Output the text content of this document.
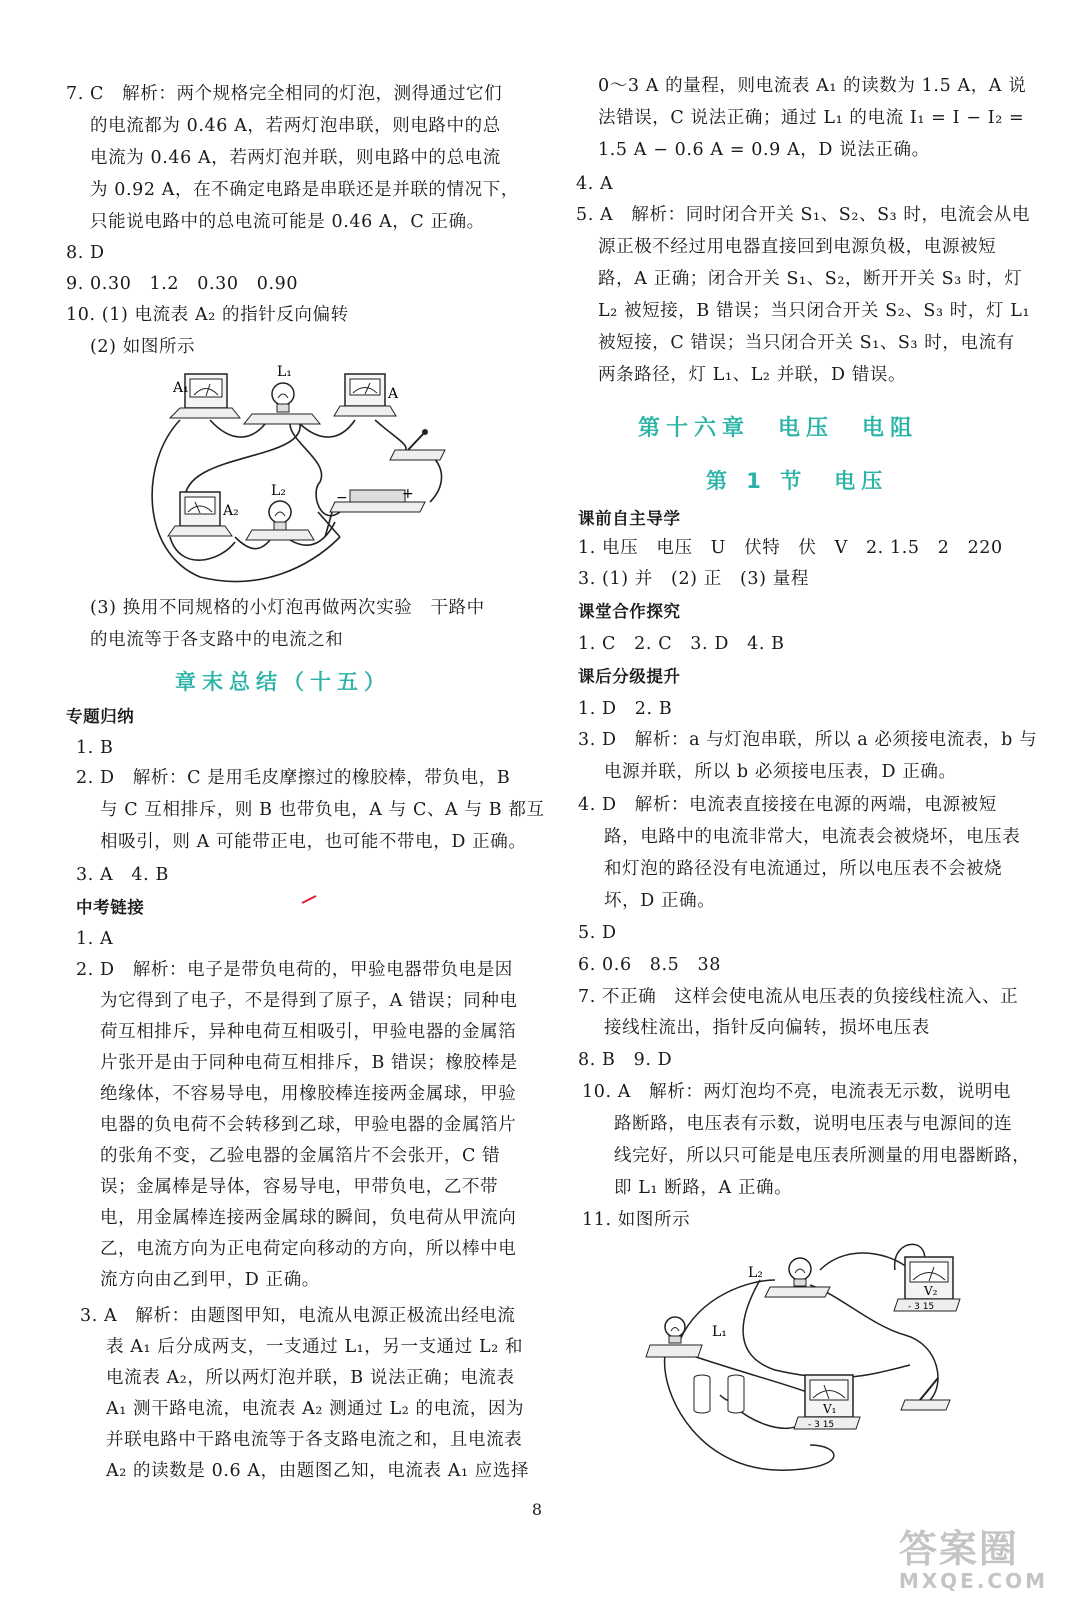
7. C　解析：两个规格完全相同的灯泡，测得通过它们
的电流都为 0.46 A，若两灯泡串联，则电路中的总
电流为 0.46 A，若两灯泡并联，则电路中的总电流
为 0.92 A，在不确定电路是串联还是并联的情况下，
只能说电路中的总电流可能是 0.46 A，C 正确。
8. D
9. 0.30　1.2　0.30　0.90
10. (1) 电流表 A₂ 的指针反向偏转
(2) 如图所示
A₁
L₁
A
A₂
L₂	−	+
(3) 换用不同规格的小灯泡再做两次实验　干路中
的电流等于各支路中的电流之和
章末总结（十五）
专题归纳
1. B
2. D　解析：C 是用毛皮摩擦过的橡胶棒，带负电，B
与 C 互相排斥，则 B 也带负电，A 与 C、A 与 B 都互
相吸引，则 A 可能带正电，也可能不带电，D 正确。
3. A　4. B
中考链接
1. A
2. D　解析：电子是带负电荷的，甲验电器带负电是因
为它得到了电子，不是得到了原子，A 错误；同种电
荷互相排斥，异种电荷互相吸引，甲验电器的金属箔
片张开是由于同种电荷互相排斥，B 错误；橡胶棒是
绝缘体，不容易导电，用橡胶棒连接两金属球，甲验
电器的负电荷不会转移到乙球，甲验电器的金属箔片
的张角不变，乙验电器的金属箔片不会张开，C 错
误；金属棒是导体，容易导电，甲带负电，乙不带
电，用金属棒连接两金属球的瞬间，负电荷从甲流向
乙，电流方向为正电荷定向移动的方向，所以棒中电
流方向由乙到甲，D 正确。
3. A　解析：由题图甲知，电流从电源正极流出经电流
表 A₁ 后分成两支，一支通过 L₁，另一支通过 L₂ 和
电流表 A₂，所以两灯泡并联，B 说法正确；电流表
A₁ 测干路电流，电流表 A₂ 测通过 L₂ 的电流，因为
并联电路中干路电流等于各支路电流之和，且电流表
A₂ 的读数是 0.6 A，由题图乙知，电流表 A₁ 应选择
0～3 A 的量程，则电流表 A₁ 的读数为 1.5 A，A 说
法错误，C 说法正确；通过 L₁ 的电流 I₁ = I − I₂ =
1.5 A − 0.6 A = 0.9 A，D 说法正确。
4. A
5. A　解析：同时闭合开关 S₁、S₂、S₃ 时，电流会从电
源正极不经过用电器直接回到电源负极，电源被短
路，A 正确；闭合开关 S₁、S₂，断开开关 S₃ 时，灯
L₂ 被短接，B 错误；当只闭合开关 S₂、S₃ 时，灯 L₁
被短接，C 错误；当只闭合开关 S₁、S₃ 时，电流有
两条路径，灯 L₁、L₂ 并联，D 错误。
第十六章　电压　电阻
第 1 节　电压
课前自主导学
1. 电压　电压　U　伏特　伏　V　2. 1.5　2　220
3. (1) 并　(2) 正　(3) 量程
课堂合作探究
1. C　2. C　3. D　4. B
课后分级提升
1. D　2. B
3. D　解析：a 与灯泡串联，所以 a 必须接电流表，b 与
电源并联，所以 b 必须接电压表，D 正确。
4. D　解析：电流表直接接在电源的两端，电源被短
路，电路中的电流非常大，电流表会被烧坏，电压表
和灯泡的路径没有电流通过，所以电压表不会被烧
坏，D 正确。
5. D
6. 0.6　8.5　38
7. 不正确　这样会使电流从电压表的负接线柱流入、正
接线柱流出，指针反向偏转，损坏电压表
8. B　9. D
10. A　解析：两灯泡均不亮，电流表无示数，说明电
路断路，电压表有示数，说明电压表与电源间的连
线完好，所以只可能是电压表所测量的用电器断路，
即 L₁ 断路，A 正确。
11. 如图所示
L₂
L₁
V₂
V₁
- 3 15
- 3 15
8
答案圈
MXQE.COM
